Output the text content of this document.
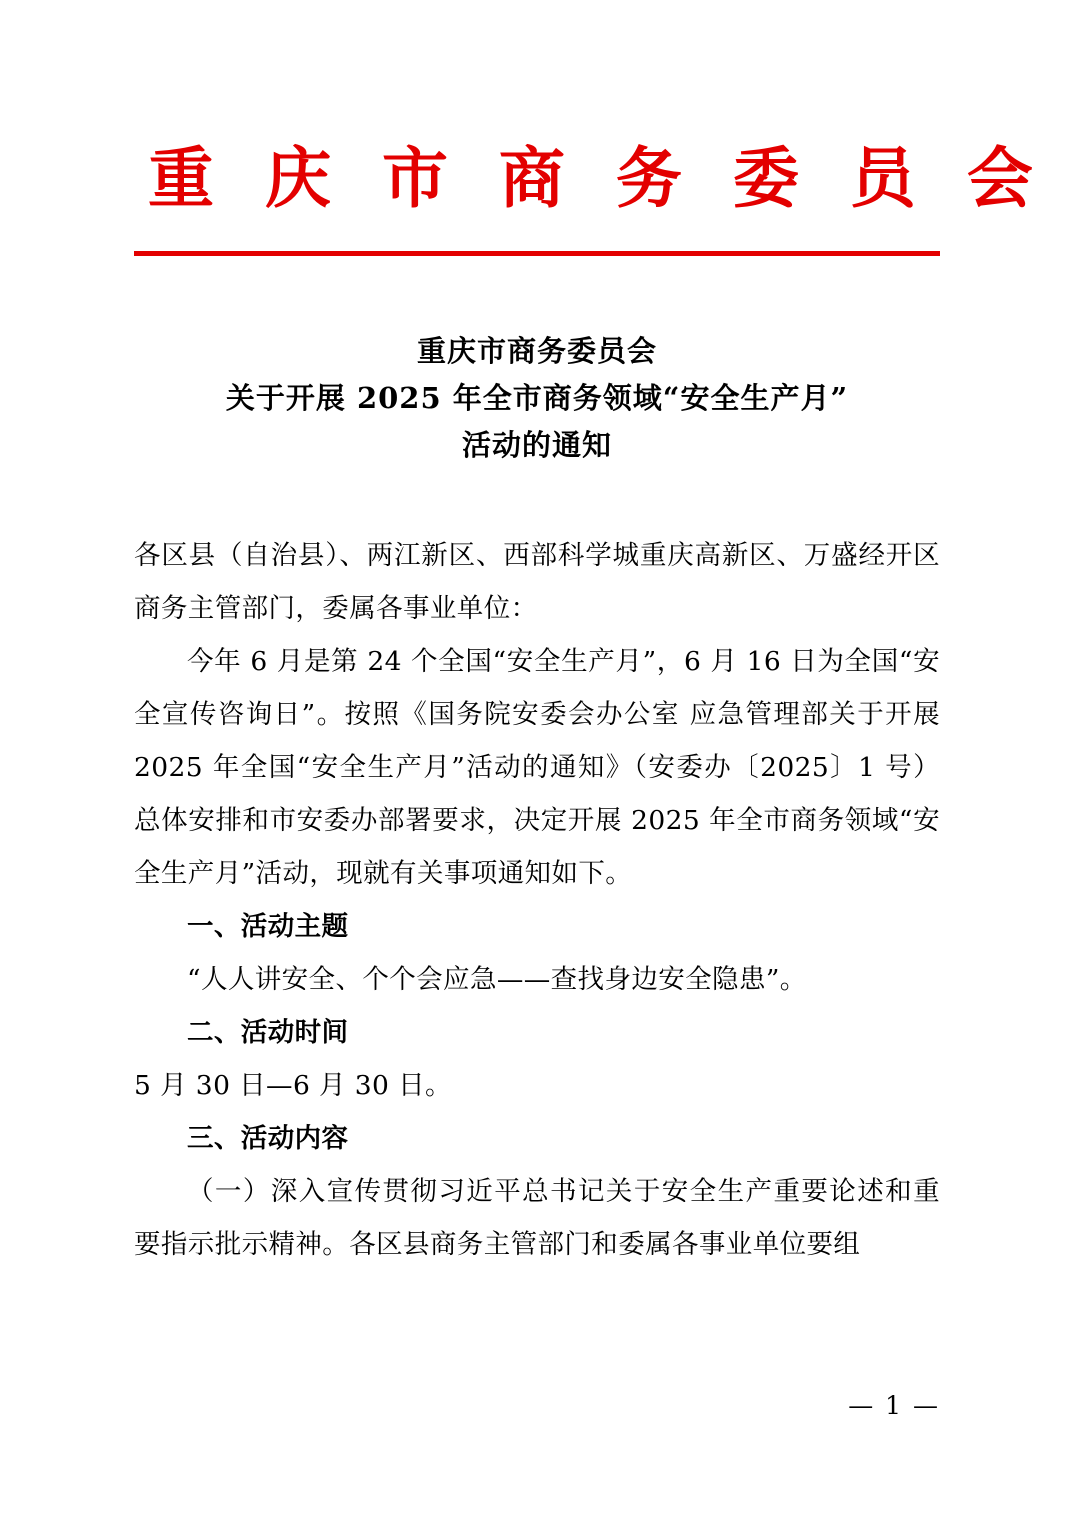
重 庆 市 商 务 委 员 会
重庆市商务委员会
关于开展 2025 年全市商务领域“安全生产月”
活动的通知

各区县（自治县）、两江新区、西部科学城重庆高新区、万盛经开区商务主管部门，委属各事业单位：

今年 6 月是第 24 个全国“安全生产月”，6 月 16 日为全国“安全宣传咨询日”。按照《国务院安委会办公室 应急管理部关于开展 2025 年全国“安全生产月”活动的通知》（安委办〔2025〕1 号）总体安排和市安委办部署要求，决定开展 2025 年全市商务领域“安全生产月”活动，现就有关事项通知如下。

一、活动主题

“人人讲安全、个个会应急——查找身边安全隐患”。

二、活动时间

5 月 30 日—6 月 30 日。

三、活动内容

（一）深入宣传贯彻习近平总书记关于安全生产重要论述和重要指示批示精神。各区县商务主管部门和委属各事业单位要组

— 1 —
